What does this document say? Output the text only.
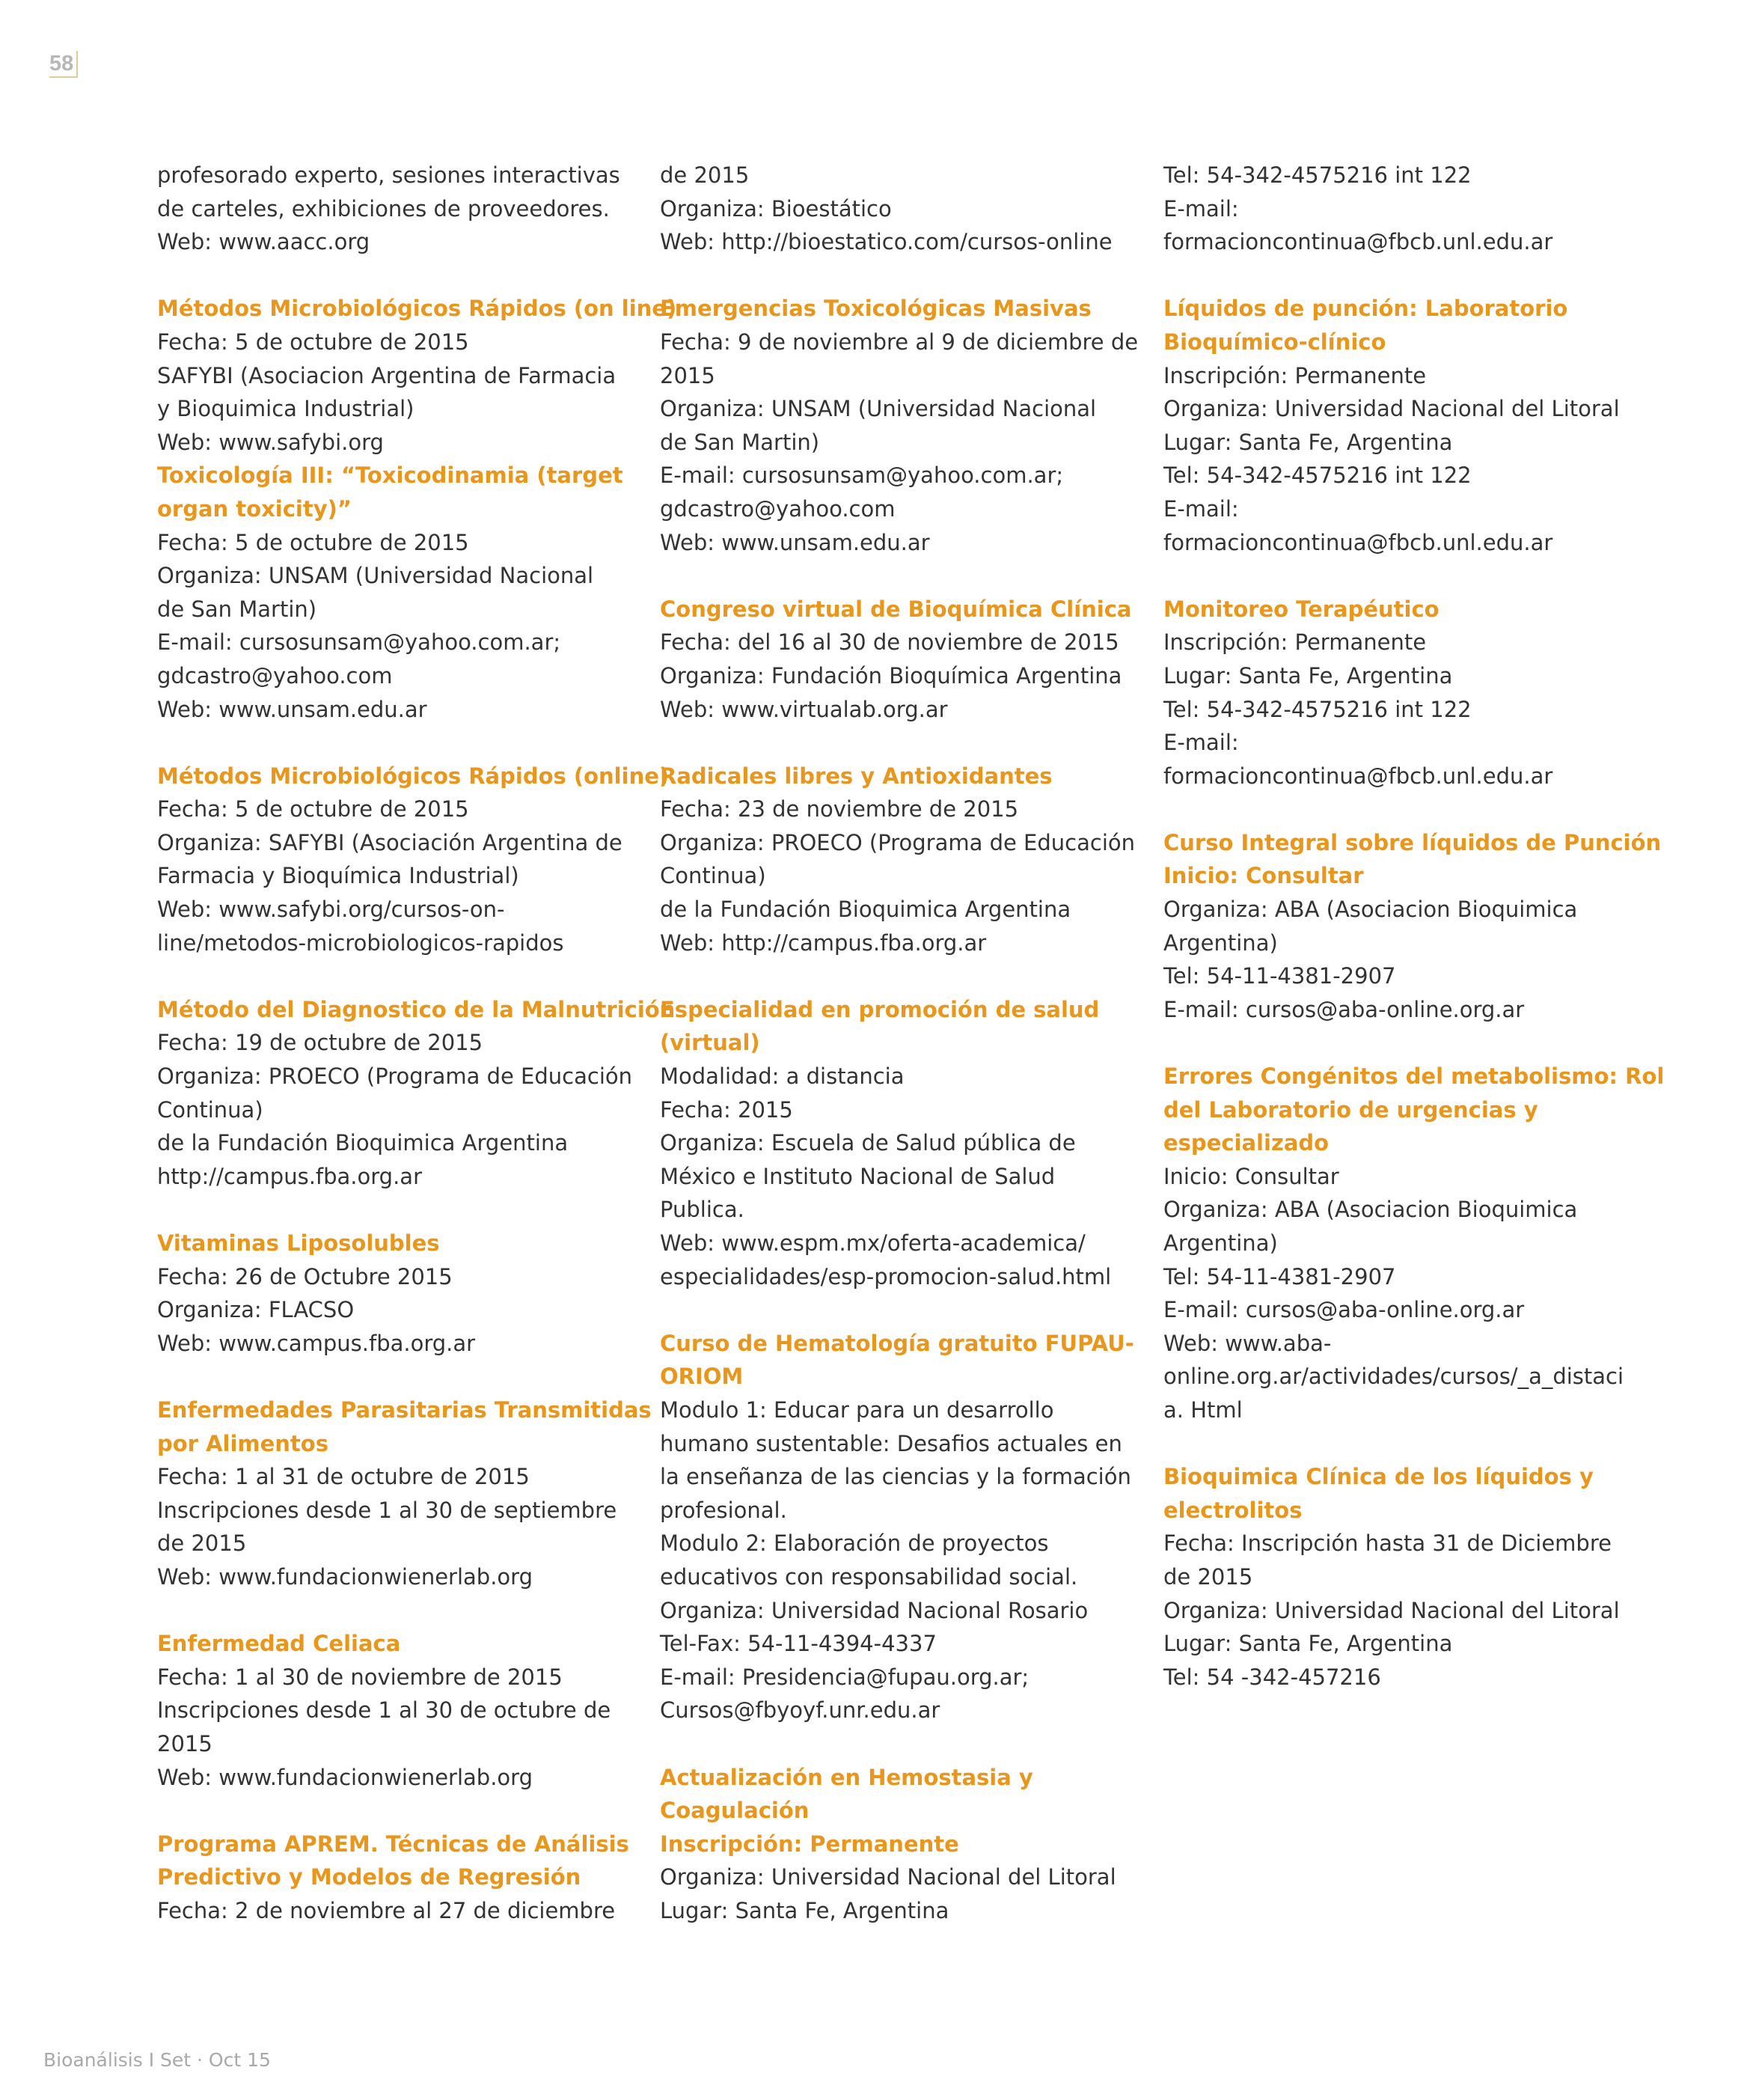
58
profesorado experto, sesiones interactivas
de carteles, exhibiciones de proveedores.
Web: www.aacc.org
Métodos Microbiológicos Rápidos (on line)
Fecha: 5 de octubre de 2015
SAFYBI (Asociacion Argentina de Farmacia
y Bioquimica Industrial)
Web: www.safybi.org
Toxicología III: “Toxicodinamia (target
organ toxicity)”
Fecha: 5 de octubre de 2015
Organiza: UNSAM (Universidad Nacional
de San Martin)
E-mail: cursosunsam@yahoo.com.ar;
gdcastro@yahoo.com
Web: www.unsam.edu.ar
Métodos Microbiológicos Rápidos (online)
Fecha: 5 de octubre de 2015
Organiza: SAFYBI (Asociación Argentina de
Farmacia y Bioquímica Industrial)
Web: www.safybi.org/cursos-on-
line/metodos-microbiologicos-rapidos
Método del Diagnostico de la Malnutrición
Fecha: 19 de octubre de 2015
Organiza: PROECO (Programa de Educación
Continua)
de la Fundación Bioquimica Argentina
http://campus.fba.org.ar
Vitaminas Liposolubles
Fecha: 26 de Octubre 2015
Organiza: FLACSO
Web: www.campus.fba.org.ar
Enfermedades Parasitarias Transmitidas
por Alimentos
Fecha: 1 al 31 de octubre de 2015
Inscripciones desde 1 al 30 de septiembre
de 2015
Web: www.fundacionwienerlab.org
Enfermedad Celiaca
Fecha: 1 al 30 de noviembre de 2015
Inscripciones desde 1 al 30 de octubre de
2015
Web: www.fundacionwienerlab.org
Programa APREM. Técnicas de Análisis
Predictivo y Modelos de Regresión
Fecha: 2 de noviembre al 27 de diciembre
de 2015
Organiza: Bioestático
Web: http://bioestatico.com/cursos-online
Emergencias Toxicológicas Masivas
Fecha: 9 de noviembre al 9 de diciembre de
2015
Organiza: UNSAM (Universidad Nacional
de San Martin)
E-mail: cursosunsam@yahoo.com.ar;
gdcastro@yahoo.com
Web: www.unsam.edu.ar
Congreso virtual de Bioquímica Clínica
Fecha: del 16 al 30 de noviembre de 2015
Organiza: Fundación Bioquímica Argentina
Web: www.virtualab.org.ar
Radicales libres y Antioxidantes
Fecha: 23 de noviembre de 2015
Organiza: PROECO (Programa de Educación
Continua)
de la Fundación Bioquimica Argentina
Web: http://campus.fba.org.ar
Especialidad en promoción de salud
(virtual)
Modalidad: a distancia
Fecha: 2015
Organiza: Escuela de Salud pública de
México e Instituto Nacional de Salud
Publica.
Web: www.espm.mx/oferta-academica/
especialidades/esp-promocion-salud.html
Curso de Hematología gratuito FUPAU-
ORIOM
Modulo 1: Educar para un desarrollo
humano sustentable: Desafios actuales en
la enseñanza de las ciencias y la formación
profesional.
Modulo 2: Elaboración de proyectos
educativos con responsabilidad social.
Organiza: Universidad Nacional Rosario
Tel-Fax: 54-11-4394-4337
E-mail: Presidencia@fupau.org.ar;
Cursos@fbyoyf.unr.edu.ar
Actualización en Hemostasia y
Coagulación
Inscripción: Permanente
Organiza: Universidad Nacional del Litoral
Lugar: Santa Fe, Argentina
Tel: 54-342-4575216 int 122
E-mail:
formacioncontinua@fbcb.unl.edu.ar
Líquidos de punción: Laboratorio
Bioquímico-clínico
Inscripción: Permanente
Organiza: Universidad Nacional del Litoral
Lugar: Santa Fe, Argentina
Tel: 54-342-4575216 int 122
E-mail:
formacioncontinua@fbcb.unl.edu.ar
Monitoreo Terapéutico
Inscripción: Permanente
Lugar: Santa Fe, Argentina
Tel: 54-342-4575216 int 122
E-mail:
formacioncontinua@fbcb.unl.edu.ar
Curso Integral sobre líquidos de Punción
Inicio: Consultar
Organiza: ABA (Asociacion Bioquimica
Argentina)
Tel: 54-11-4381-2907
E-mail: cursos@aba-online.org.ar
Errores Congénitos del metabolismo: Rol
del Laboratorio de urgencias y
especializado
Inicio: Consultar
Organiza: ABA (Asociacion Bioquimica
Argentina)
Tel: 54-11-4381-2907
E-mail: cursos@aba-online.org.ar
Web: www.aba-
online.org.ar/actividades/cursos/_a_distaci
a. Html
Bioquimica Clínica de los líquidos y
electrolitos
Fecha: Inscripción hasta 31 de Diciembre
de 2015
Organiza: Universidad Nacional del Litoral
Lugar: Santa Fe, Argentina
Tel: 54 -342-457216
Bioanálisis I Set · Oct 15
